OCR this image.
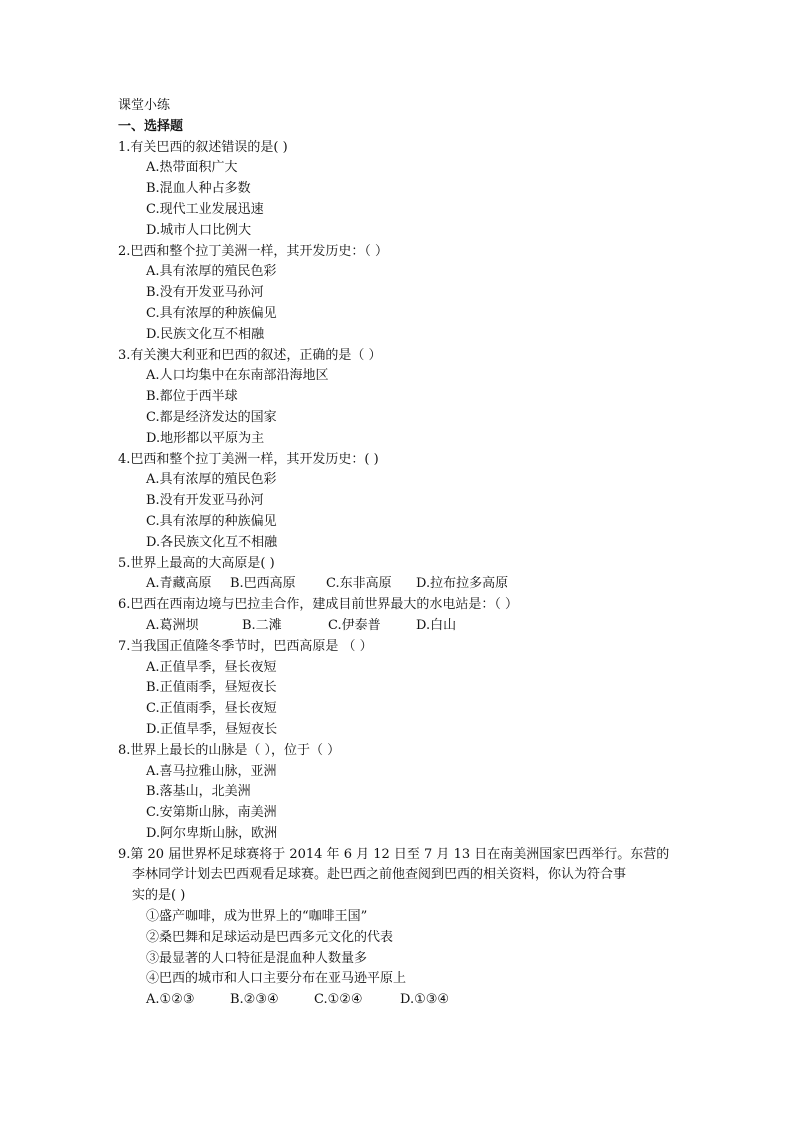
课堂小练
一、选择题
1.有关巴西的叙述错误的是( )
A.热带面积广大
B.混血人种占多数
C.现代工业发展迅速
D.城市人口比例大
2.巴西和整个拉丁美洲一样，其开发历史：（ ）
A.具有浓厚的殖民色彩
B.没有开发亚马孙河
C.具有浓厚的种族偏见
D.民族文化互不相融
3.有关澳大利亚和巴西的叙述，正确的是（ ）
A.人口均集中在东南部沿海地区
B.都位于西半球
C.都是经济发达的国家
D.地形都以平原为主
4.巴西和整个拉丁美洲一样，其开发历史：( )
A.具有浓厚的殖民色彩
B.没有开发亚马孙河
C.具有浓厚的种族偏见
D.各民族文化互不相融
5.世界上最高的大高原是( )
A.青藏高原 B.巴西高原 C.东非高原 D.拉布拉多高原
6.巴西在西南边境与巴拉圭合作，建成目前世界最大的水电站是：（ ）
A.葛洲坝	B.二滩	C.伊泰普	D.白山
7.当我国正值隆冬季节时，巴西高原是 （ ）
A.正值旱季，昼长夜短
B.正值雨季，昼短夜长
C.正值雨季，昼长夜短
D.正值旱季，昼短夜长
8.世界上最长的山脉是（ ），位于（ ）
A.喜马拉雅山脉，亚洲
B.落基山，北美洲
C.安第斯山脉，南美洲
D.阿尔卑斯山脉，欧洲
9.第 20 届世界杯足球赛将于 2014 年 6 月 12 日至 7 月 13 日在南美洲国家巴西举行。东营的
李林同学计划去巴西观看足球赛。赴巴西之前他查阅到巴西的相关资料，你认为符合事
实的是( )
①盛产咖啡，成为世界上的“咖啡王国”
②桑巴舞和足球运动是巴西多元文化的代表
③最显著的人口特征是混血种人数量多
④巴西的城市和人口主要分布在亚马逊平原上
A.①②③	B.②③④	C.①②④	D.①③④
